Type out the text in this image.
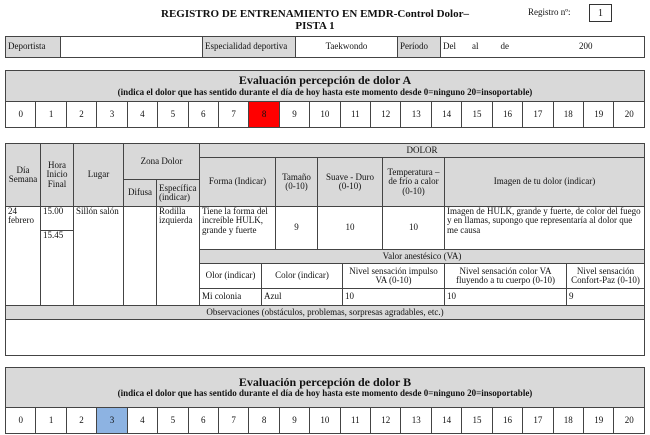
REGISTRO DE ENTRENAMIENTO EN EMDR-Control Dolor– PISTA 1
Registro nº:	1
Deportista		Especialidad deportiva	Taekwondo	Período	Del al de	200
Evaluación percepción de dolor A
(indica el dolor que has sentido durante el día de hoy hasta este momento desde 0=ninguno 20=insoportable)
0	1	2	3	4	5	6	7	8	9	10	11	12	13	14	15	16	17	18	19	20
Día Semana	Hora Inicio Final	Lugar	Zona Dolor		DOLOR							
					Forma (Indicar)		Tamaño (0-10)	Suave - Duro (0-10)		Temperatura – de frío a calor (0-10)	Imagen de tu dolor (indicar)	
			Difusa	Específica (indicar)								
24 febrero	15.00	Sillón salón		Rodilla izquierda	Tiene la forma del increíble HULK, grande y fuerte		9	10		10	Imagen de HULK, grande y fuerte, de color del fuego y en llamas, supongo que representaría al dolor que me causa	
	15.45											
					Valor anestésico (VA)							
					Olor (indicar)	Color (indicar)			Nivel sensación impulso VA (0-10)		Nivel sensación color VA fluyendo a tu cuerpo (0-10)	Nivel sensación Confort-Paz (0-10)
					Mi colonia	Azul			10		10	9
Observaciones (obstáculos, problemas, sorpresas agradables, etc.)												

Evaluación percepción de dolor B
(indica el dolor que has sentido durante el día de hoy hasta este momento desde 0=ninguno 20=insoportable)
0	1	2	3	4	5	6	7	8	9	10	11	12	13	14	15	16	17	18	19	20
